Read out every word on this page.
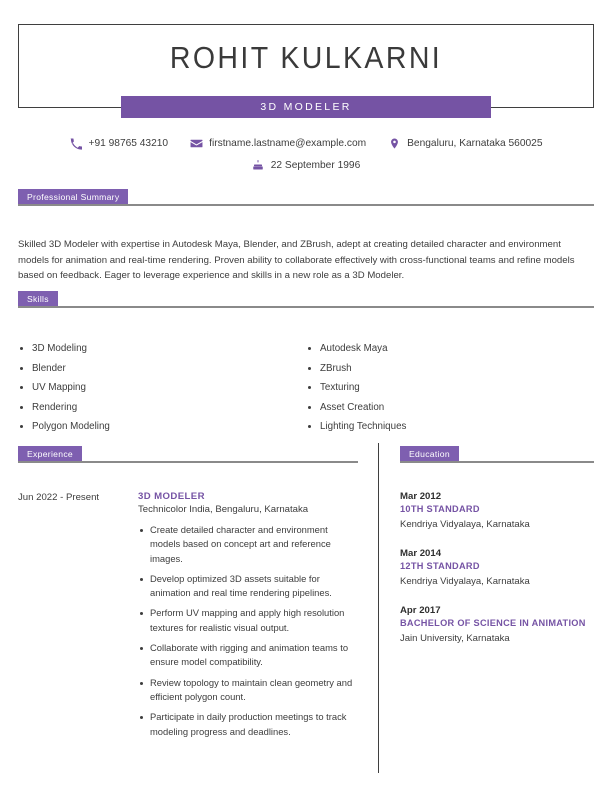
ROHIT KULKARNI
3D MODELER
+91 98765 43210	firstname.lastname@example.com	Bengaluru, Karnataka 560025
22 September 1996
Professional Summary
Skilled 3D Modeler with expertise in Autodesk Maya, Blender, and ZBrush, adept at creating detailed character and environment models for animation and real-time rendering. Proven ability to collaborate effectively with cross-functional teams and refine models based on feedback. Eager to leverage experience and skills in a new role as a 3D Modeler.
Skills
3D Modeling
Blender
UV Mapping
Rendering
Polygon Modeling
Autodesk Maya
ZBrush
Texturing
Asset Creation
Lighting Techniques
Experience
Jun 2022 - Present	3D MODELER
Technicolor India, Bengaluru, Karnataka
Create detailed character and environment models based on concept art and reference images.
Develop optimized 3D assets suitable for animation and real time rendering pipelines.
Perform UV mapping and apply high resolution textures for realistic visual output.
Collaborate with rigging and animation teams to ensure model compatibility.
Review topology to maintain clean geometry and efficient polygon count.
Participate in daily production meetings to track modeling progress and deadlines.
Education
Mar 2012
10TH STANDARD
Kendriya Vidyalaya, Karnataka
Mar 2014
12TH STANDARD
Kendriya Vidyalaya, Karnataka
Apr 2017
BACHELOR OF SCIENCE IN ANIMATION
Jain University, Karnataka
